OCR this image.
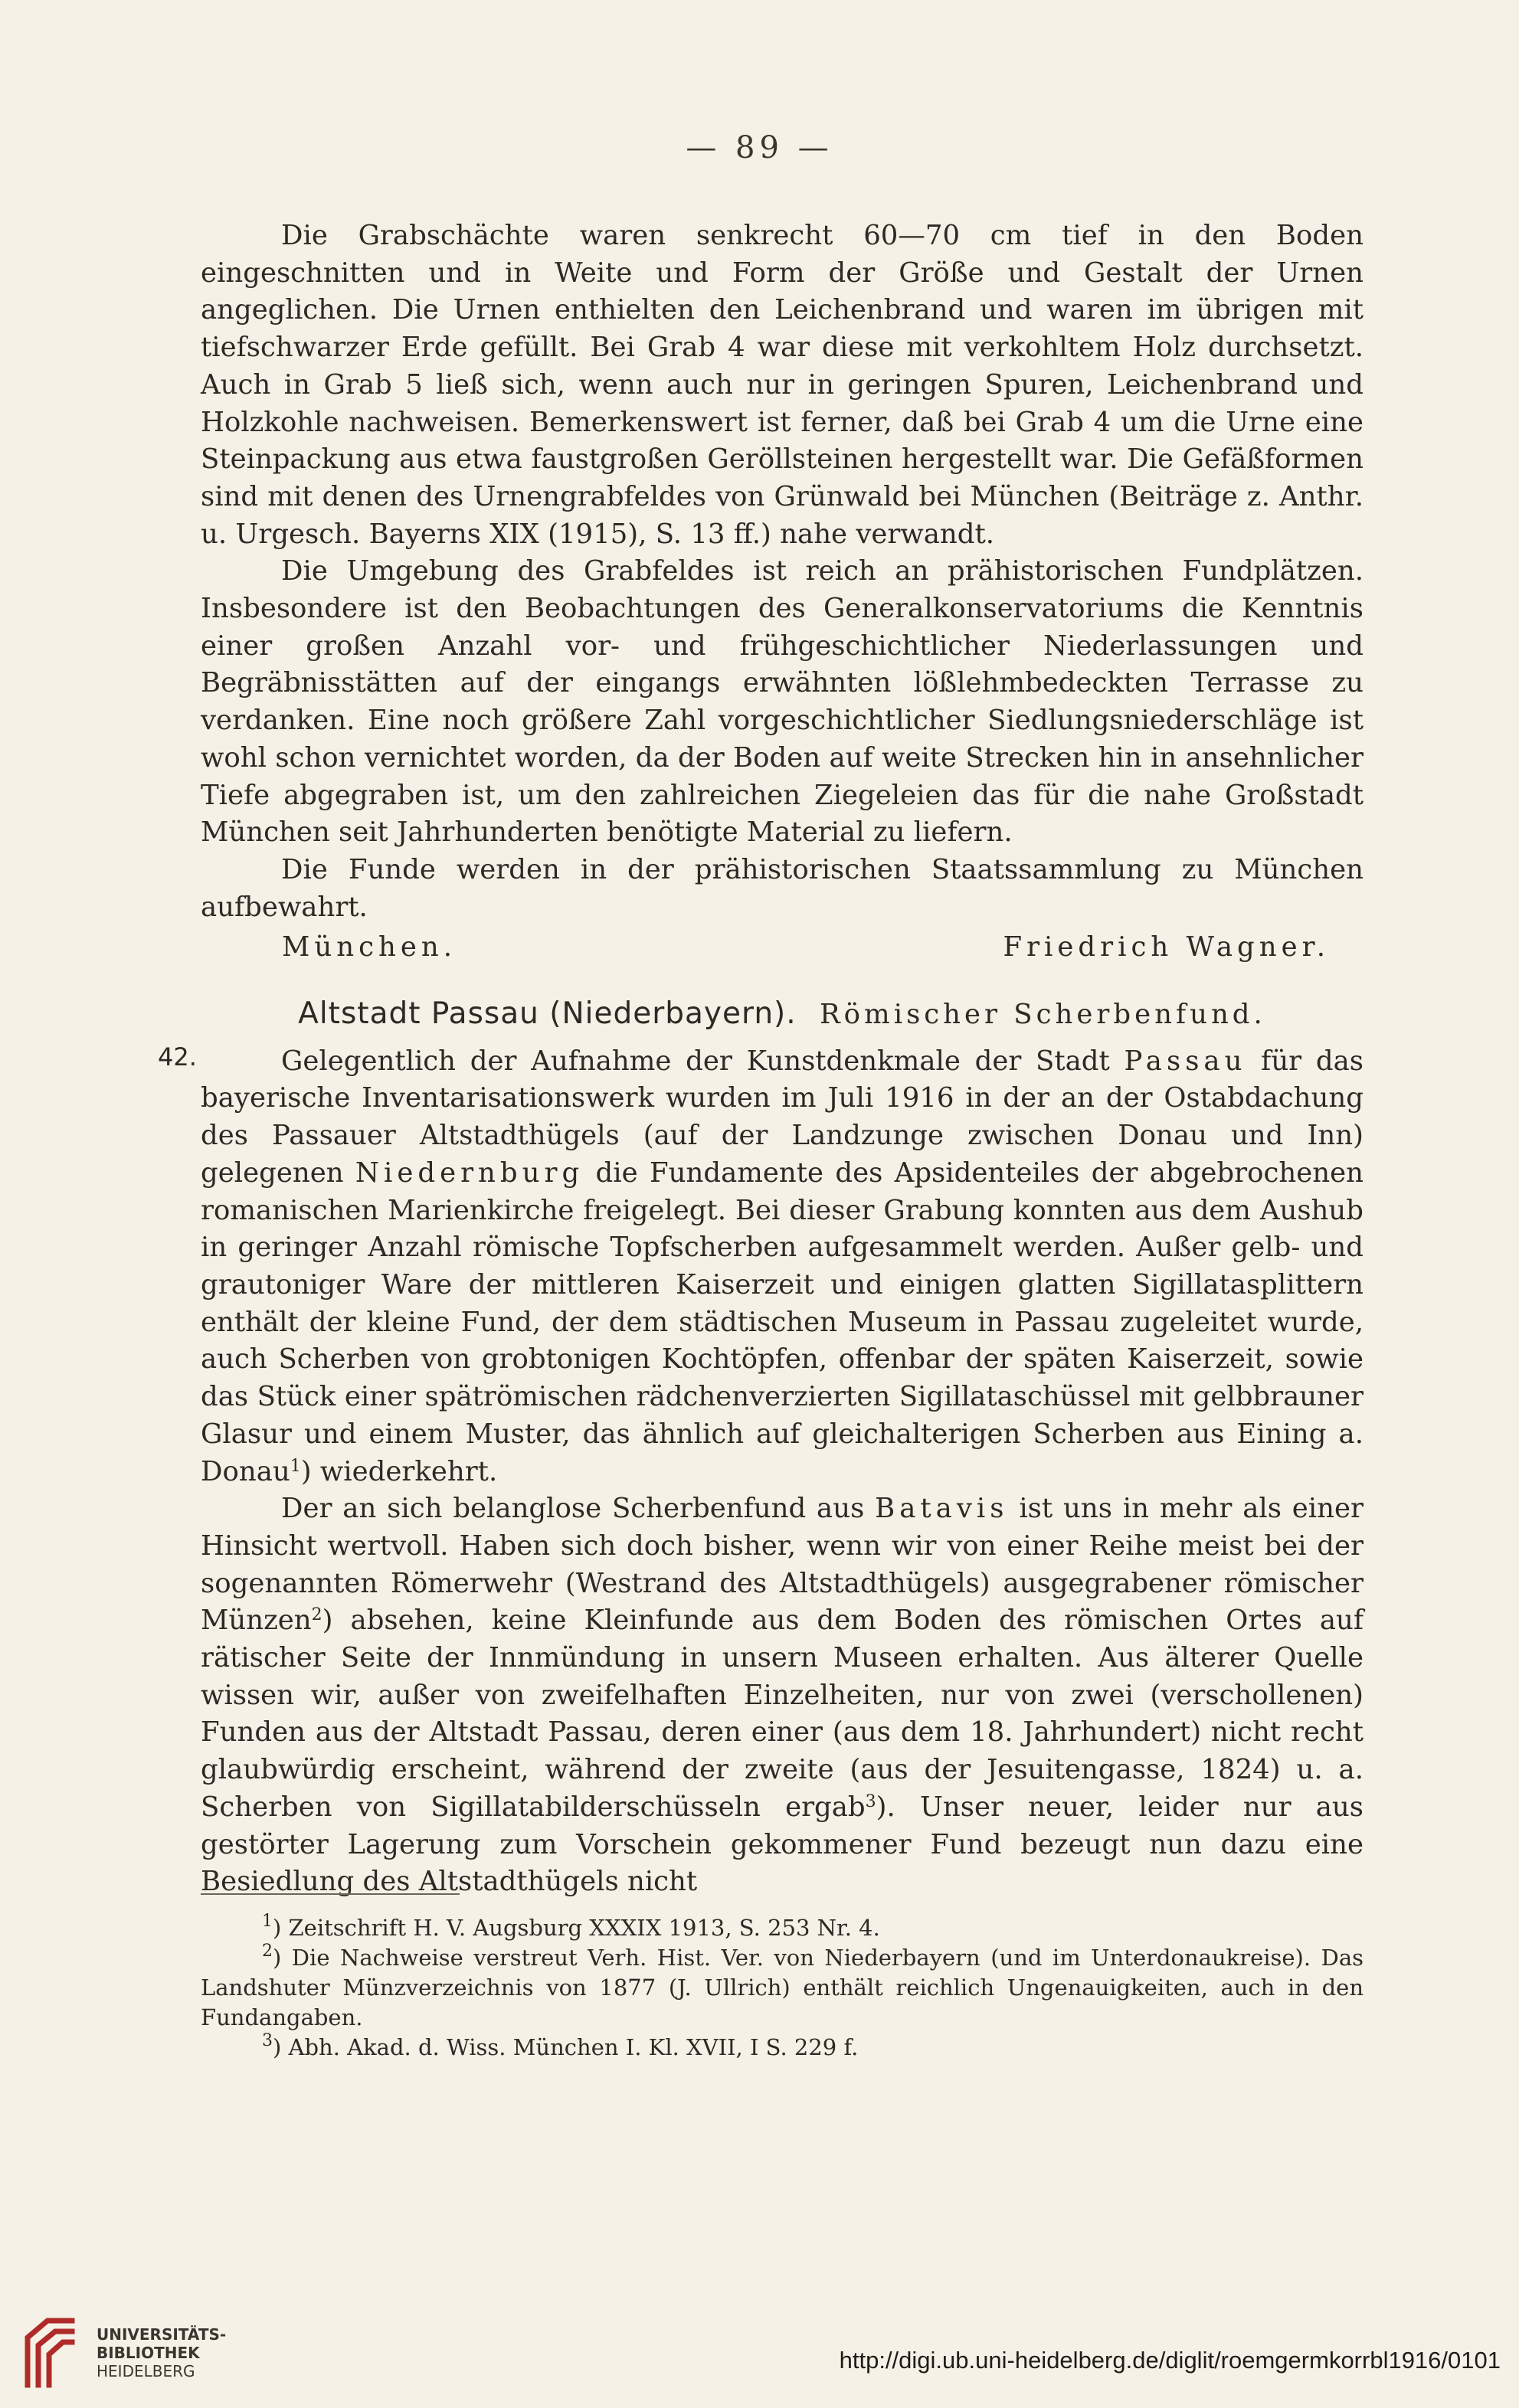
— 89 —

Die Grabschächte waren senkrecht 60—70 cm tief in den Boden eingeschnitten und in Weite und Form der Größe und Gestalt der Urnen angeglichen. Die Urnen enthielten den Leichenbrand und waren im übrigen mit tiefschwarzer Erde gefüllt. Bei Grab 4 war diese mit verkohltem Holz durchsetzt. Auch in Grab 5 ließ sich, wenn auch nur in geringen Spuren, Leichenbrand und Holzkohle nachweisen. Bemerkenswert ist ferner, daß bei Grab 4 um die Urne eine Steinpackung aus etwa faustgroßen Geröllsteinen hergestellt war. Die Gefäßformen sind mit denen des Urnengrabfeldes von Grünwald bei München (Beiträge z. Anthr. u. Urgesch. Bayerns XIX (1915), S. 13 ff.) nahe verwandt.

Die Umgebung des Grabfeldes ist reich an prähistorischen Fundplätzen. Insbesondere ist den Beobachtungen des Generalkonservatoriums die Kenntnis einer großen Anzahl vor- und frühgeschichtlicher Niederlassungen und Begräbnisstätten auf der eingangs erwähnten lößlehmbedeckten Terrasse zu verdanken. Eine noch größere Zahl vorgeschichtlicher Siedlungsniederschläge ist wohl schon vernichtet worden, da der Boden auf weite Strecken hin in ansehnlicher Tiefe abgegraben ist, um den zahlreichen Ziegeleien das für die nahe Großstadt München seit Jahrhunderten benötigte Material zu liefern.

Die Funde werden in der prähistorischen Staatssammlung zu München aufbewahrt.

München.	Friedrich Wagner.
Altstadt Passau (Niederbayern). Römischer Scherbenfund.
42.	Gelegentlich der Aufnahme der Kunstdenkmale der Stadt Passau für das bayerische Inventarisationswerk wurden im Juli 1916 in der an der Ostabdachung des Passauer Altstadthügels (auf der Landzunge zwischen Donau und Inn) gelegenen Niedernburg die Fundamente des Apsidenteiles der abgebrochenen romanischen Marienkirche freigelegt. Bei dieser Grabung konnten aus dem Aushub in geringer Anzahl römische Topfscherben aufgesammelt werden. Außer gelb- und grautoniger Ware der mittleren Kaiserzeit und einigen glatten Sigillatasplittern enthält der kleine Fund, der dem städtischen Museum in Passau zugeleitet wurde, auch Scherben von grobtonigen Kochtöpfen, offenbar der späten Kaiserzeit, sowie das Stück einer spätrömischen rädchenverzierten Sigillataschüssel mit gelbbrauner Glasur und einem Muster, das ähnlich auf gleichalterigen Scherben aus Eining a. Donau$^1$) wiederkehrt.

Der an sich belanglose Scherbenfund aus Batavis ist uns in mehr als einer Hinsicht wertvoll. Haben sich doch bisher, wenn wir von einer Reihe meist bei der sogenannten Römerwehr (Westrand des Altstadthügels) ausgegrabener römischer Münzen$^2$) absehen, keine Kleinfunde aus dem Boden des römischen Ortes auf rätischer Seite der Innmündung in unsern Museen erhalten. Aus älterer Quelle wissen wir, außer von zweifelhaften Einzelheiten, nur von zwei (verschollenen) Funden aus der Altstadt Passau, deren einer (aus dem 18. Jahrhundert) nicht recht glaubwürdig erscheint, während der zweite (aus der Jesuitengasse, 1824) u. a. Scherben von Sigillatabilderschüsseln ergab$^3$). Unser neuer, leider nur aus gestörter Lagerung zum Vorschein gekommener Fund bezeugt nun dazu eine Besiedlung des Altstadthügels nicht

$^1$) Zeitschrift H. V. Augsburg XXXIX 1913, S. 253 Nr. 4.

$^2$) Die Nachweise verstreut Verh. Hist. Ver. von Niederbayern (und im Unterdonaukreise). Das Landshuter Münzverzeichnis von 1877 (J. Ullrich) enthält reichlich Ungenauigkeiten, auch in den Fundangaben.

$^3$) Abh. Akad. d. Wiss. München I. Kl. XVII, I S. 229 f.

UNIVERSITÄTS-
BIBLIOTHEK
HEIDELBERG	http://digi.ub.uni-heidelberg.de/diglit/roemgermkorrbl1916/0101
